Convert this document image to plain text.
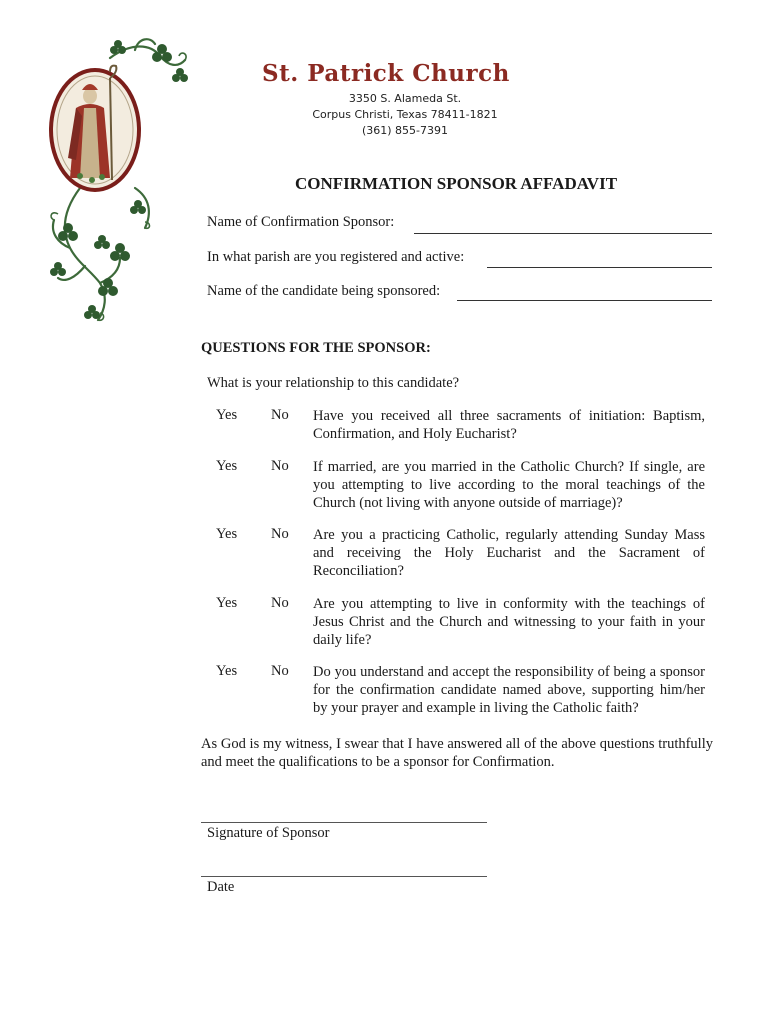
St. Patrick Church
3350 S. Alameda St.
Corpus Christi, Texas 78411-1821
(361) 855-7391
CONFIRMATION SPONSOR AFFADAVIT
Name of Confirmation Sponsor:
In what parish are you registered and active:
Name of the candidate being sponsored:
QUESTIONS FOR THE SPONSOR:
What is your relationship to this candidate?
Yes No Have you received all three sacraments of initiation: Baptism, Confirmation, and Holy Eucharist?
Yes No If married, are you married in the Catholic Church? If single, are you attempting to live according to the moral teachings of the Church (not living with anyone outside of marriage)?
Yes No Are you a practicing Catholic, regularly attending Sunday Mass and receiving the Holy Eucharist and the Sacrament of Reconciliation?
Yes No Are you attempting to live in conformity with the teachings of Jesus Christ and the Church and witnessing to your faith in your daily life?
Yes No Do you understand and accept the responsibility of being a sponsor for the confirmation candidate named above, supporting him/her by your prayer and example in living the Catholic faith?
As God is my witness, I swear that I have answered all of the above questions truthfully and meet the qualifications to be a sponsor for Confirmation.
Signature of Sponsor
Date
